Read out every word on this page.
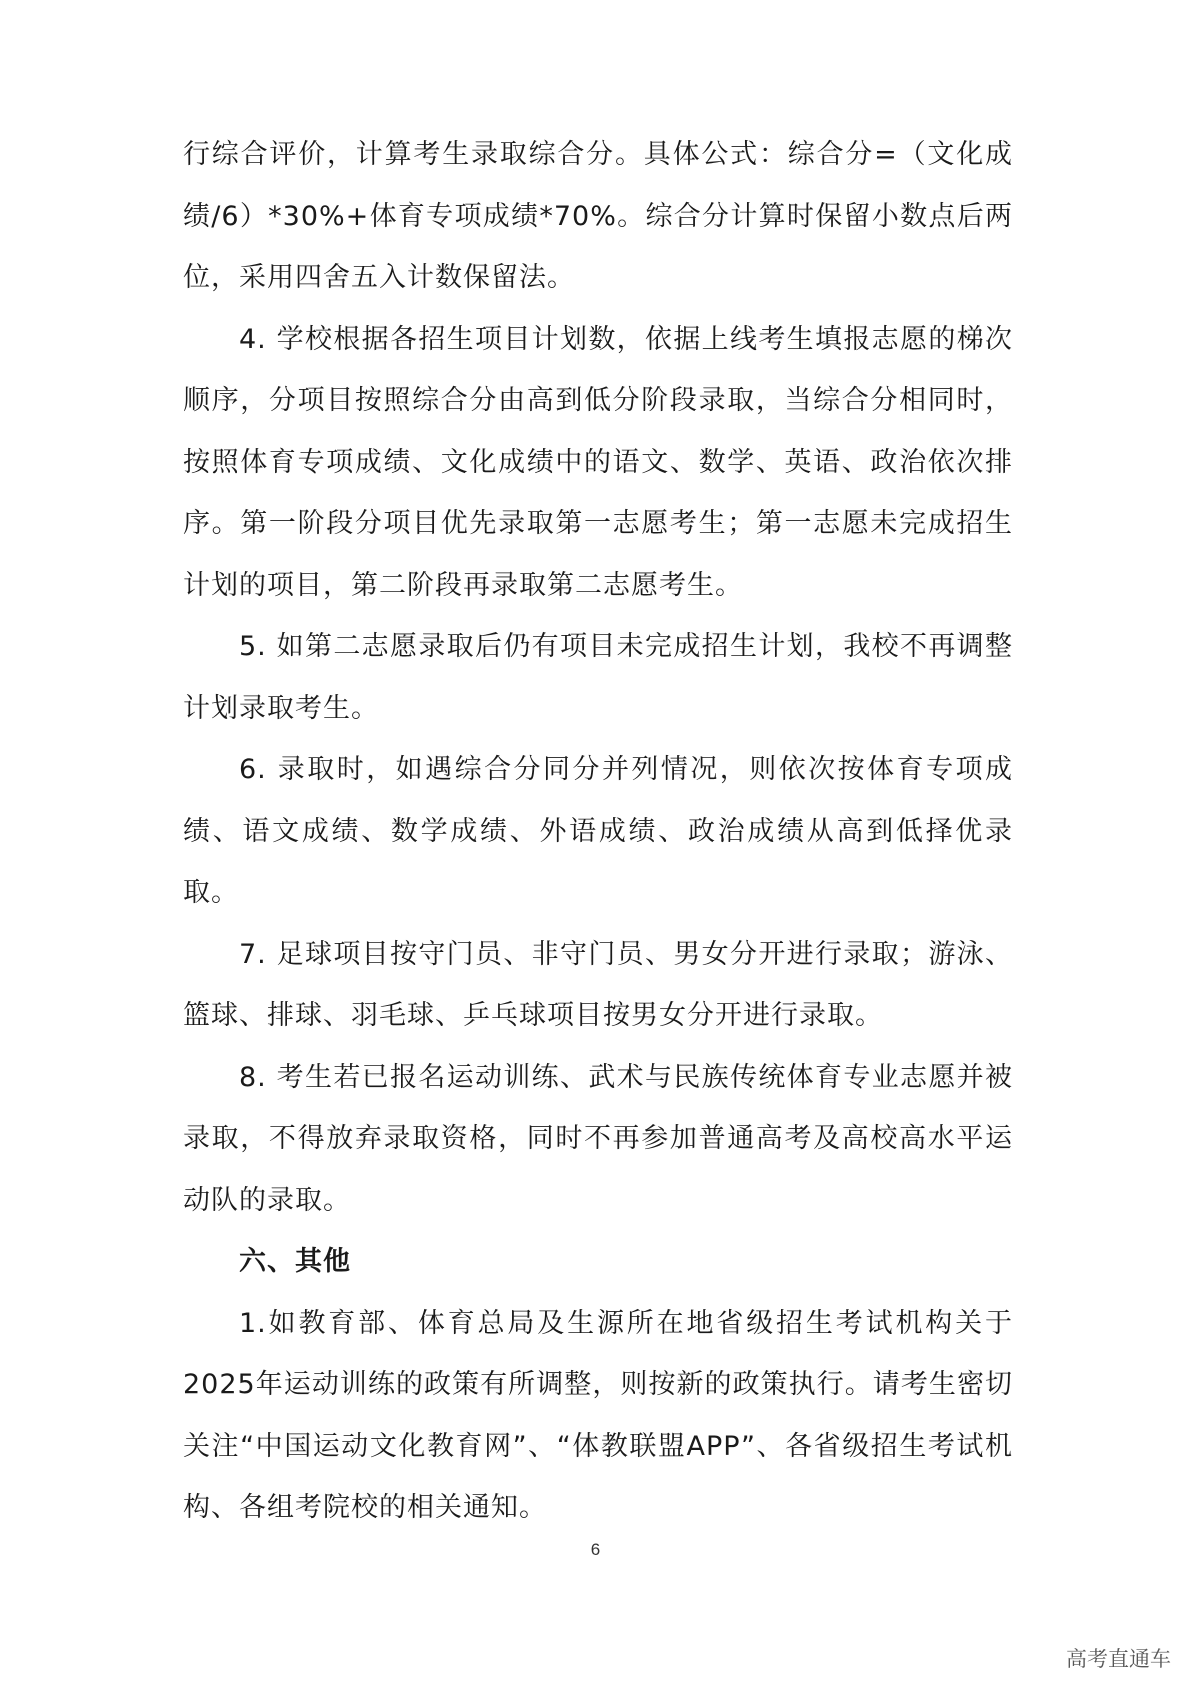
行综合评价，计算考生录取综合分。具体公式：综合分=（文化成绩/6）*30%+体育专项成绩*70%。综合分计算时保留小数点后两位，采用四舍五入计数保留法。

4. 学校根据各招生项目计划数，依据上线考生填报志愿的梯次顺序，分项目按照综合分由高到低分阶段录取，当综合分相同时，按照体育专项成绩、文化成绩中的语文、数学、英语、政治依次排序。第一阶段分项目优先录取第一志愿考生；第一志愿未完成招生计划的项目，第二阶段再录取第二志愿考生。

5. 如第二志愿录取后仍有项目未完成招生计划，我校不再调整计划录取考生。

6. 录取时，如遇综合分同分并列情况，则依次按体育专项成绩、语文成绩、数学成绩、外语成绩、政治成绩从高到低择优录取。

7. 足球项目按守门员、非守门员、男女分开进行录取；游泳、篮球、排球、羽毛球、乒乓球项目按男女分开进行录取。

8. 考生若已报名运动训练、武术与民族传统体育专业志愿并被录取，不得放弃录取资格，同时不再参加普通高考及高校高水平运动队的录取。

六、其他

1.如教育部、体育总局及生源所在地省级招生考试机构关于2025年运动训练的政策有所调整，则按新的政策执行。请考生密切关注“中国运动文化教育网”、“体教联盟APP”、各省级招生考试机构、各组考院校的相关通知。

6
高考直通车
